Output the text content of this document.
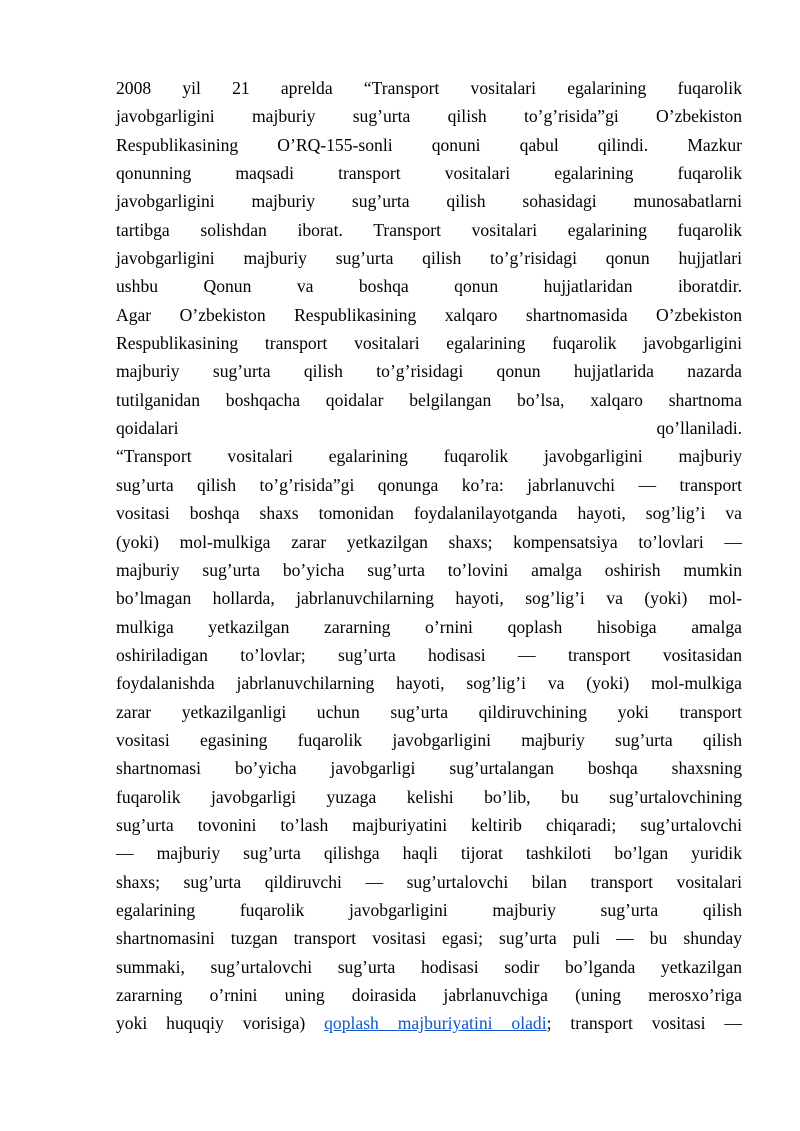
2008 yil 21 aprelda “Transport vositalari egalarining fuqarolik
javobgarligini majburiy sug’urta qilish to’g’risida”gi O’zbekiston
Respublikasining O’RQ-155-sonli qonuni qabul qilindi. Mazkur
qonunning maqsadi transport vositalari egalarining fuqarolik
javobgarligini majburiy sug’urta qilish sohasidagi munosabatlarni
tartibga solishdan iborat. Transport vositalari egalarining fuqarolik
javobgarligini majburiy sug’urta qilish to’g’risidagi qonun hujjatlari
ushbu Qonun va boshqa qonun hujjatlaridan iboratdir.
Agar O’zbekiston Respublikasining xalqaro shartnomasida O’zbekiston
Respublikasining transport vositalari egalarining fuqarolik javobgarligini
majburiy sug’urta qilish to’g’risidagi qonun hujjatlarida nazarda
tutilganidan boshqacha qoidalar belgilangan bo’lsa, xalqaro shartnoma
qoidalari qo’llaniladi.
“Transport vositalari egalarining fuqarolik javobgarligini majburiy
sug’urta qilish to’g’risida”gi qonunga ko’ra: jabrlanuvchi — transport
vositasi boshqa shaxs tomonidan foydalanilayotganda hayoti, sog’lig’i va
(yoki) mol-mulkiga zarar yetkazilgan shaxs; kompensatsiya to’lovlari —
majburiy sug’urta bo’yicha sug’urta to’lovini amalga oshirish mumkin
bo’lmagan hollarda, jabrlanuvchilarning hayoti, sog’lig’i va (yoki) mol-
mulkiga yetkazilgan zararning o’rnini qoplash hisobiga amalga
oshiriladigan to’lovlar; sug’urta hodisasi — transport vositasidan
foydalanishda jabrlanuvchilarning hayoti, sog’lig’i va (yoki) mol-mulkiga
zarar yetkazilganligi uchun sug’urta qildiruvchining yoki transport
vositasi egasining fuqarolik javobgarligini majburiy sug’urta qilish
shartnomasi bo’yicha javobgarligi sug’urtalangan boshqa shaxsning
fuqarolik javobgarligi yuzaga kelishi bo’lib, bu sug’urtalovchining
sug’urta tovonini to’lash majburiyatini keltirib chiqaradi; sug’urtalovchi
— majburiy sug’urta qilishga haqli tijorat tashkiloti bo’lgan yuridik
shaxs; sug’urta qildiruvchi — sug’urtalovchi bilan transport vositalari
egalarining fuqarolik javobgarligini majburiy sug’urta qilish
shartnomasini tuzgan transport vositasi egasi; sug’urta puli — bu shunday
summaki, sug’urtalovchi sug’urta hodisasi sodir bo’lganda yetkazilgan
zararning o’rnini uning doirasida jabrlanuvchiga (uning merosxo’riga
yoki huquqiy vorisiga) qoplash majburiyatini oladi; transport vositasi —
